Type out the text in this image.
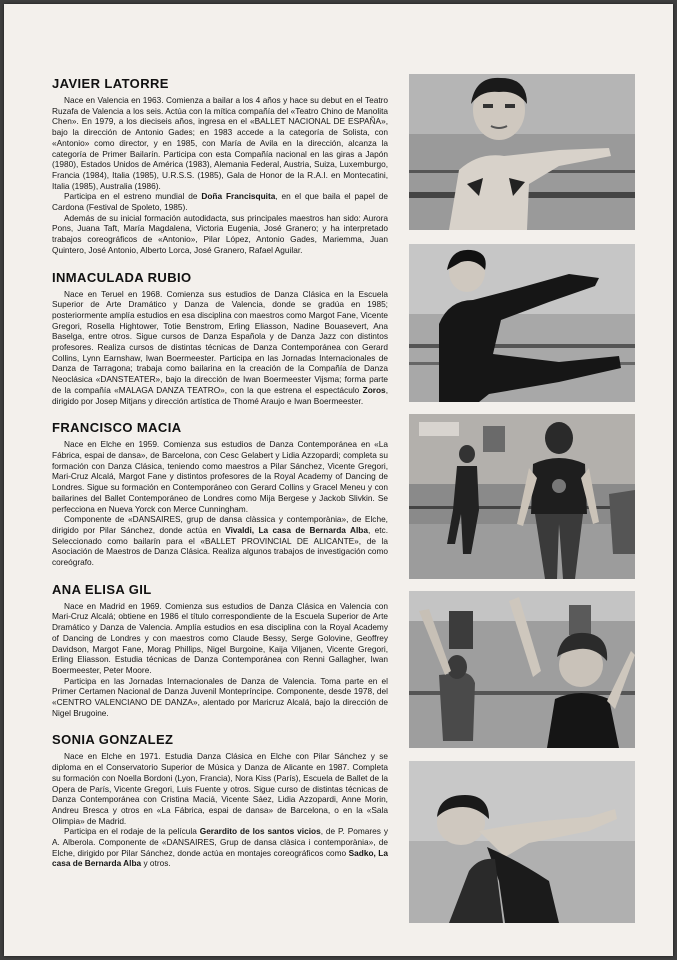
JAVIER LATORRE

Nace en Valencia en 1963. Comienza a bailar a los 4 años y hace su debut en el Teatro Ruzafa de Valencia a los seis. Actúa con la mítica compañía del «Teatro Chino de Manolita Chen». En 1979, a los dieciseis años, ingresa en el «BALLET NACIONAL DE ESPAÑA», bajo la dirección de Antonio Gades; en 1983 accede a la categoría de Solista, con «Antonio» como director, y en 1985, con María de Avila en la dirección, alcanza la categoría de Primer Bailarín. Participa con esta Compañía nacional en las giras a Japón (1980), Estados Unidos de América (1983), Alemania Federal, Austria, Suiza, Luxemburgo, Francia (1984), Italia (1985), U.R.S.S. (1985), Gala de Honor de la R.A.I. en Montecatini, Italia (1985), Australia (1986).

Participa en el estreno mundial de Doña Francisquita, en el que baila el papel de Cardona (Festival de Spoleto, 1985).

Además de su inicial formación autodidacta, sus principales maestros han sido: Aurora Pons, Juana Taft, María Magdalena, Victoria Eugenia, José Granero; y ha interpretado trabajos coreográficos de «Antonio», Pilar López, Antonio Gades, Mariemma, Juan Quintero, José Antonio, Alberto Lorca, José Granero, Rafael Aguilar.

INMACULADA RUBIO

Nace en Teruel en 1968. Comienza sus estudios de Danza Clásica en la Escuela Superior de Arte Dramático y Danza de Valencia, donde se gradúa en 1985; posteriormente amplía estudios en esa disciplina con maestros como Margot Fane, Vicente Gregori, Rosella Hightower, Totie Benstrom, Erling Eliasson, Nadine Bouasevert, Ana Baselga, entre otros. Sigue cursos de Danza Española y de Danza Jazz con distintos profesores. Realiza cursos de distintas técnicas de Danza Contemporánea con Gerard Collins, Lynn Earnshaw, Iwan Boermeester. Participa en las Jornadas Internacionales de Danza de Tarragona; trabaja como bailarina en la creación de la Compañía de Danza Neoclásica «DANSTEATER», bajo la dirección de Iwan Boermeester Vijsma; forma parte de la compañía «MALAGA DANZA TEATRO», con la que estrena el espectáculo Zoros, dirigido por Josep Mitjans y dirección artística de Thomé Araujo e Iwan Boermeester.

FRANCISCO MACIA

Nace en Elche en 1959. Comienza sus estudios de Danza Contemporánea en «La Fábrica, espai de dansa», de Barcelona, con Cesc Gelabert y Lidia Azzopardi; completa su formación con Danza Clásica, teniendo como maestros a Pilar Sánchez, Vicente Gregori, Mari-Cruz Alcalá, Margot Fane y distintos profesores de la Royal Academy of Dancing de Londres. Sigue su formación en Contemporáneo con Gerard Collins y Gracel Meneu y con bailarines del Ballet Contemporáneo de Londres como Mija Bergese y Jackob Slivkin. Se perfecciona en Nueva Yorck con Merce Cunningham.

Componente de «DANSAIRES, grup de dansa clàssica y contemporània», de Elche, dirigido por Pilar Sánchez, donde actúa en Vivaldi, La casa de Bernarda Alba, etc. Seleccionado como bailarín para el «BALLET PROVINCIAL DE ALICANTE», de la Asociación de Maestros de Danza Clásica. Realiza algunos trabajos de investigación como coreógrafo.

ANA ELISA GIL

Nace en Madrid en 1969. Comienza sus estudios de Danza Clásica en Valencia con Mari-Cruz Alcalá; obtiene en 1986 el título correspondiente de la Escuela Superior de Arte Dramático y Danza de Valencia. Amplía estudios en esa disciplina con la Royal Academy of Dancing de Londres y con maestros como Claude Bessy, Serge Golovine, Geoffrey Davidson, Margot Fane, Morag Phillips, Nigel Burgoine, Kaija Viljanen, Vicente Gregori, Erling Eliasson. Estudia técnicas de Danza Contemporánea con Renni Gallagher, Iwan Boermeester, Peter Moore.

Participa en las Jornadas Internacionales de Danza de Valencia. Toma parte en el Primer Certamen Nacional de Danza Juvenil Montepríncipe. Componente, desde 1978, del «CENTRO VALENCIANO DE DANZA», alentado por Maricruz Alcalá, bajo la dirección de Nigel Brugoine.

SONIA GONZALEZ

Nace en Elche en 1971. Estudia Danza Clásica en Elche con Pilar Sánchez y se diploma en el Conservatorio Superior de Música y Danza de Alicante en 1987. Completa su formación con Noella Bordoni (Lyon, Francia), Nora Kiss (París), Escuela de Ballet de la Opera de París, Vicente Gregori, Luis Fuente y otros. Sigue curso de distintas técnicas de Danza Contemporánea con Cristina Maciá, Vicente Sáez, Lidia Azzopardi, Anne Morin, Andreu Bresca y otros en «La Fábrica, espai de dansa» de Barcelona, o en la «Sala Olimpia» de Madrid.

Participa en el rodaje de la película Gerardito de los santos vicios, de P. Pomares y A. Alberola. Componente de «DANSAIRES, Grup de dansa clàsica i contemporània», de Elche, dirigido por Pilar Sánchez, donde actúa en montajes coreográficos como Sadko, La casa de Bernarda Alba y otros.
